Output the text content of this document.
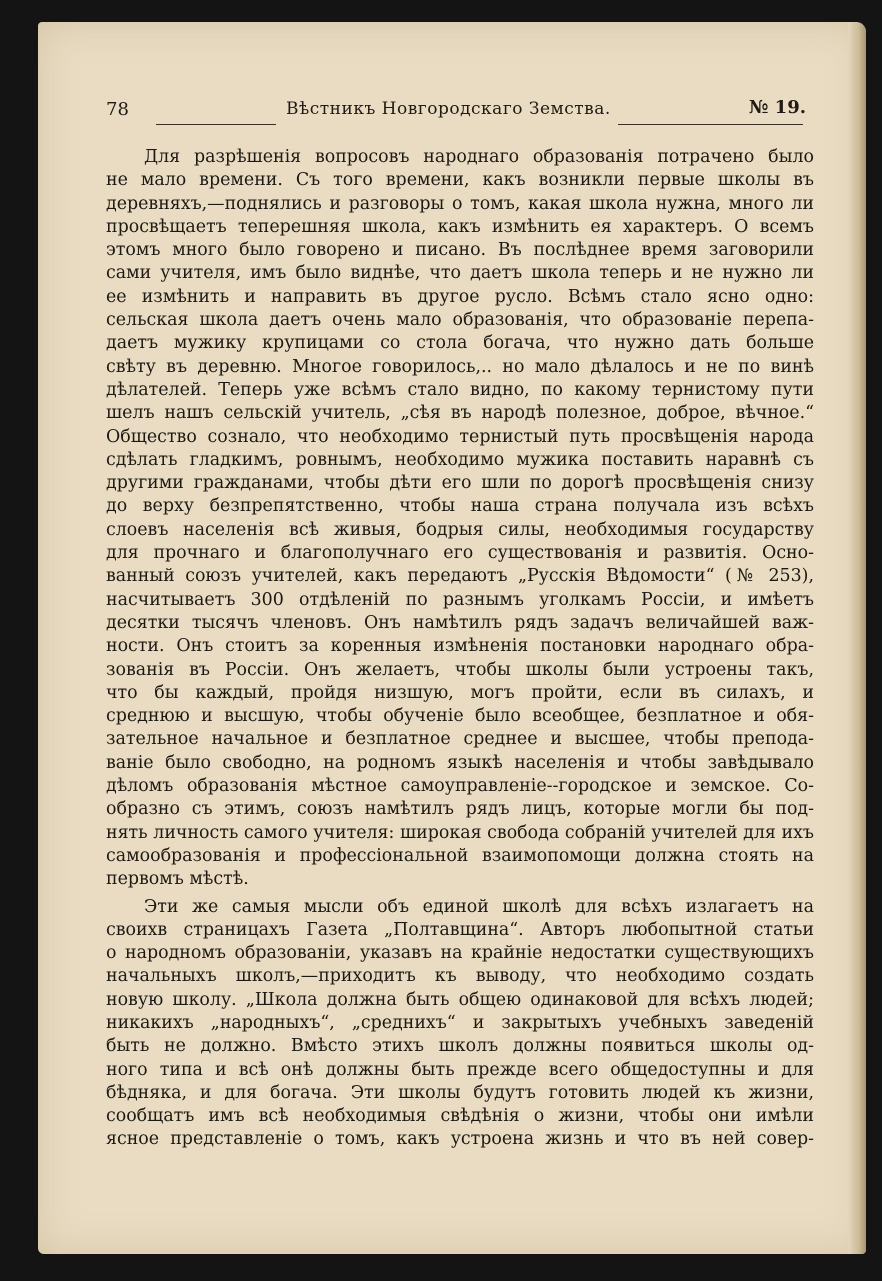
78	Вѣстникъ Новгородскаго Земства.	№ 19.
Для разрѣшенія вопросовъ народнаго образованія потрачено было
не мало времени. Съ того времени, какъ возникли первые школы въ
деревняхъ,—поднялись и разговоры о томъ, какая школа нужна, много ли
просвѣщаетъ теперешняя школа, какъ измѣнить ея характеръ. О всемъ
этомъ много было говорено и писано. Въ послѣднее время заговорили
сами учителя, имъ было виднѣе, что даетъ школа теперь и не нужно ли
ее измѣнить и направить въ другое русло. Всѣмъ стало ясно одно:
сельская школа даетъ очень мало образованія, что образованіе перепа-
даетъ мужику крупицами со стола богача, что нужно дать больше
свѣту въ деревню. Многое говорилось,.. но мало дѣлалось и не по винѣ
дѣлателей. Теперь уже всѣмъ стало видно, по какому тернистому пути
шелъ нашъ сельскій учитель, „сѣя въ народѣ полезное, доброе, вѣчное.“
Общество сознало, что необходимо тернистый путь просвѣщенія народа
сдѣлать гладкимъ, ровнымъ, необходимо мужика поставить наравнѣ съ
другими гражданами, чтобы дѣти его шли по дорогѣ просвѣщенія снизу
до верху безпрепятственно, чтобы наша страна получала изъ всѣхъ
слоевъ населенія всѣ живыя, бодрыя силы, необходимыя государству
для прочнаго и благополучнаго его существованія и развитія. Осно-
ванный союзъ учителей, какъ передаютъ „Русскія Вѣдомости“ (№ 253),
насчитываетъ 300 отдѣленій по разнымъ уголкамъ Россіи, и имѣетъ
десятки тысячъ членовъ. Онъ намѣтилъ рядъ задачъ величайшей важ-
ности. Онъ стоитъ за коренныя измѣненія постановки народнаго обра-
зованія въ Россіи. Онъ желаетъ, чтобы школы были устроены такъ,
что бы каждый, пройдя низшую, могъ пройти, если въ силахъ, и
среднюю и высшую, чтобы обученіе было всеобщее, безплатное и обя-
зательное начальное и безплатное среднее и высшее, чтобы препода-
ваніе было свободно, на родномъ языкѣ населенія и чтобы завѣдывало
дѣломъ образованія мѣстное самоуправленіе--городское и земское. Со-
образно съ этимъ, союзъ намѣтилъ рядъ лицъ, которые могли бы под-
нять личность самого учителя: широкая свобода собраній учителей для ихъ
самообразованія и профессіональной взаимопомощи должна стоять на
первомъ мѣстѣ.
Эти же самыя мысли объ единой школѣ для всѣхъ излагаетъ на
своихв страницахъ Газета „Полтавщина“. Авторъ любопытной статьи
о народномъ образованіи, указавъ на крайніе недостатки существующихъ
начальныхъ школъ,—приходитъ къ выводу, что необходимо создать
новую школу. „Школа должна быть общею одинаковой для всѣхъ людей;
никакихъ „народныхъ“, „среднихъ“ и закрытыхъ учебныхъ заведеній
быть не должно. Вмѣсто этихъ школъ должны появиться школы од-
ного типа и всѣ онѣ должны быть прежде всего общедоступны и для
бѣдняка, и для богача. Эти школы будутъ готовить людей къ жизни,
сообщатъ имъ всѣ необходимыя свѣдѣнія о жизни, чтобы они имѣли
ясное представленіе о томъ, какъ устроена жизнь и что въ ней совер-
